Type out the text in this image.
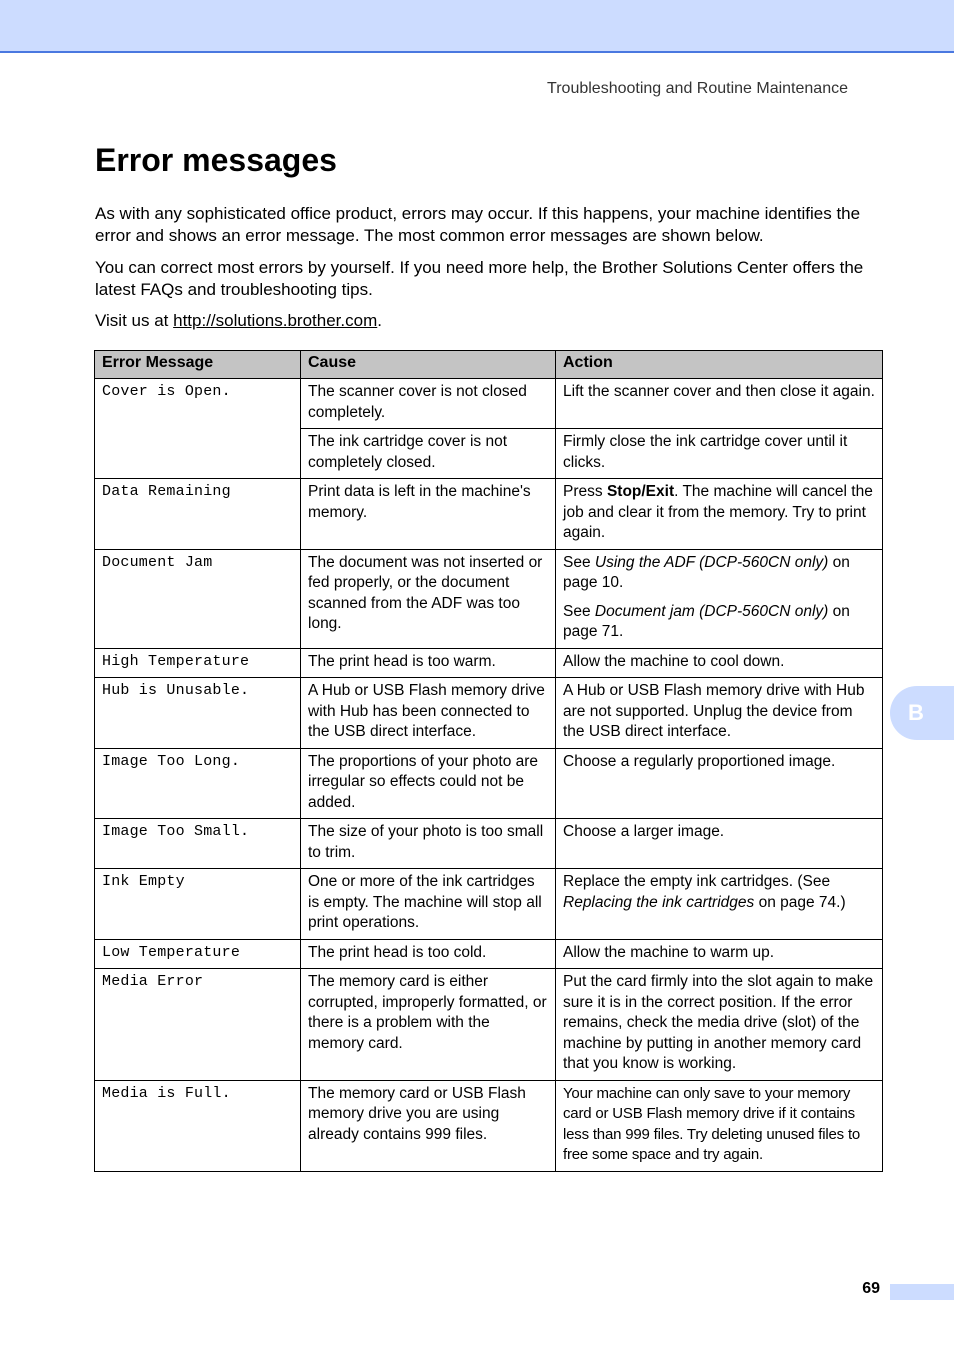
Troubleshooting and Routine Maintenance
Error messages

As with any sophisticated office product, errors may occur. If this happens, your machine identifies the error and shows an error message. The most common error messages are shown below.

You can correct most errors by yourself. If you need more help, the Brother Solutions Center offers the latest FAQs and troubleshooting tips.

Visit us at http://solutions.brother.com.

Error Message	Cause	Action
Cover is Open.	The scanner cover is not closed completely.	Lift the scanner cover and then close it again.
	The ink cartridge cover is not completely closed.	Firmly close the ink cartridge cover until it clicks.
Data Remaining	Print data is left in the machine's memory.	Press Stop/Exit. The machine will cancel the job and clear it from the memory. Try to print again.
Document Jam	The document was not inserted or fed properly, or the document scanned from the ADF was too long.	See Using the ADF (DCP-560CN only) on page 10.
See Document jam (DCP-560CN only) on page 71.

High Temperature	The print head is too warm.	Allow the machine to cool down.
Hub is Unusable.	A Hub or USB Flash memory drive with Hub has been connected to the USB direct interface.	A Hub or USB Flash memory drive with Hub are not supported. Unplug the device from the USB direct interface.
Image Too Long.	The proportions of your photo are irregular so effects could not be added.	Choose a regularly proportioned image.
Image Too Small.	The size of your photo is too small to trim.	Choose a larger image.
Ink Empty	One or more of the ink cartridges is empty. The machine will stop all print operations.	Replace the empty ink cartridges. (See Replacing the ink cartridges on page 74.)
Low Temperature	The print head is too cold.	Allow the machine to warm up.
Media Error	The memory card is either corrupted, improperly formatted, or there is a problem with the memory card.	Put the card firmly into the slot again to make sure it is in the correct position. If the error remains, check the media drive (slot) of the machine by putting in another memory card that you know is working.
Media is Full.	The memory card or USB Flash memory drive you are using already contains 999 files.	Your machine can only save to your memory card or USB Flash memory drive if it contains less than 999 files. Try deleting unused files to free some space and try again.
B
69
